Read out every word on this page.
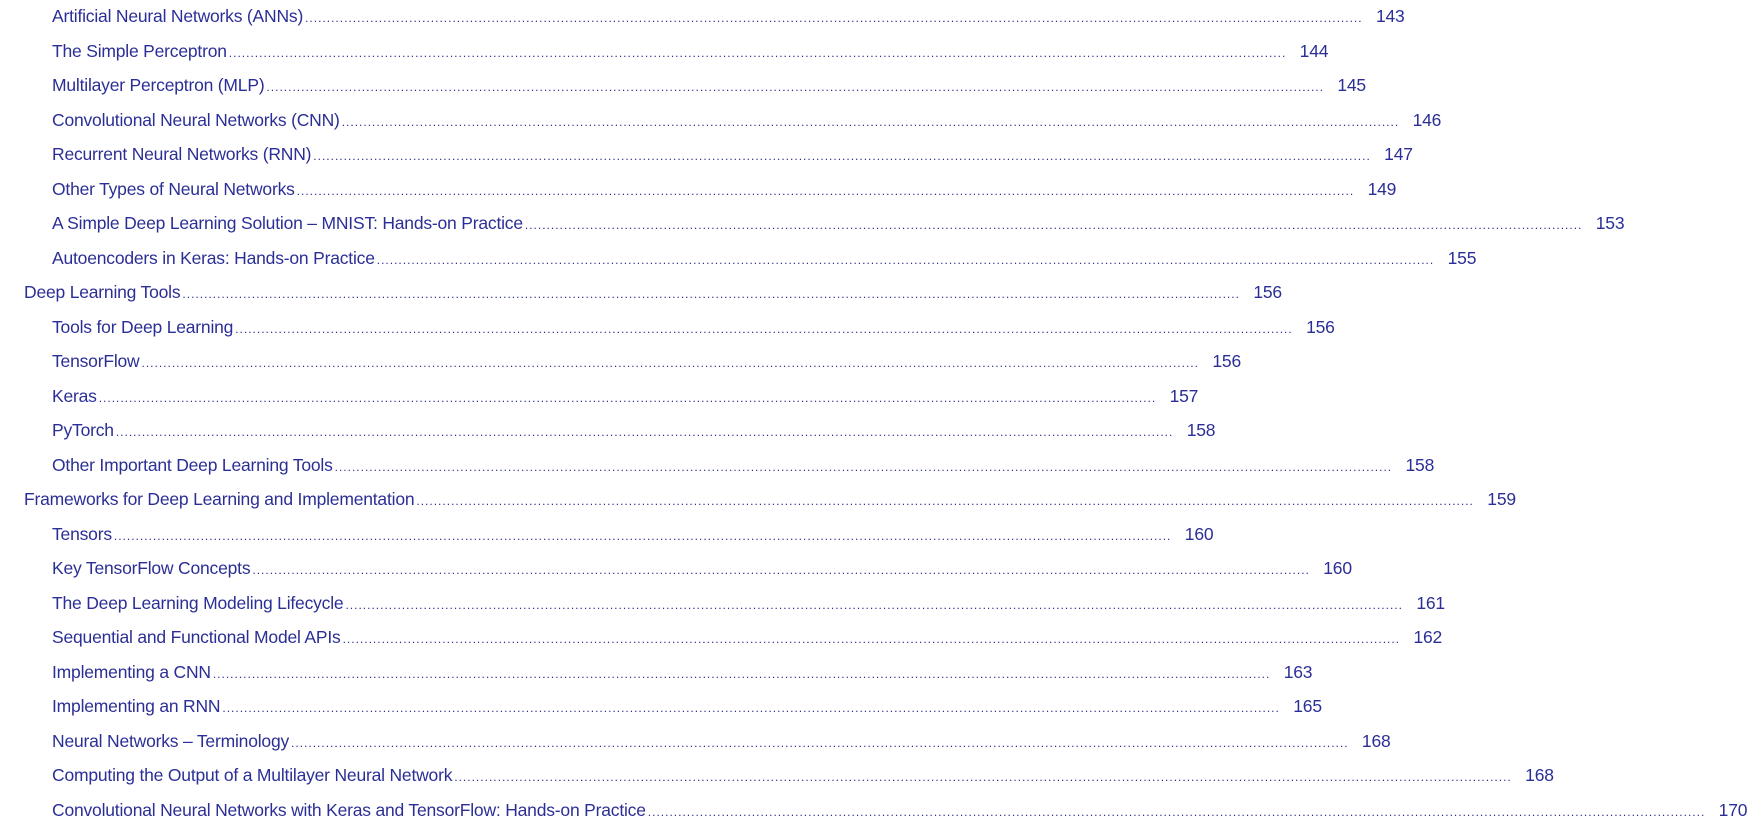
Artificial Neural Networks (ANNs) .....	143
The Simple Perceptron .....	144
Multilayer Perceptron (MLP) .....	145
Convolutional Neural Networks (CNN) .....	146
Recurrent Neural Networks (RNN) .....	147
Other Types of Neural Networks .....	149
A Simple Deep Learning Solution – MNIST: Hands-on Practice .....	153
Autoencoders in Keras: Hands-on Practice .....	155
Deep Learning Tools .....	156
Tools for Deep Learning .....	156
TensorFlow .....	156
Keras .....	157
PyTorch .....	158
Other Important Deep Learning Tools .....	158
Frameworks for Deep Learning and Implementation .....	159
Tensors .....	160
Key TensorFlow Concepts .....	160
The Deep Learning Modeling Lifecycle .....	161
Sequential and Functional Model APIs .....	162
Implementing a CNN .....	163
Implementing an RNN .....	165
Neural Networks – Terminology .....	168
Computing the Output of a Multilayer Neural Network .....	168
Convolutional Neural Networks with Keras and TensorFlow: Hands-on Practice .....	170
